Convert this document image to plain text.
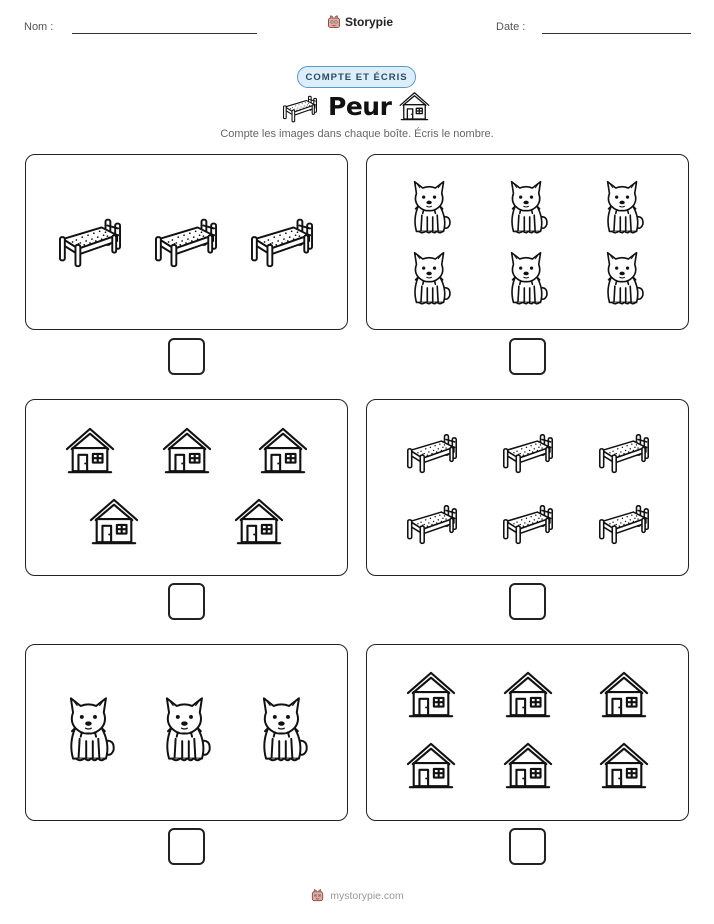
Nom :	Storypie	Date :
COMPTE ET ÉCRIS
Peur
Compte les images dans chaque boîte. Écris le nombre.
mystorypie.com
